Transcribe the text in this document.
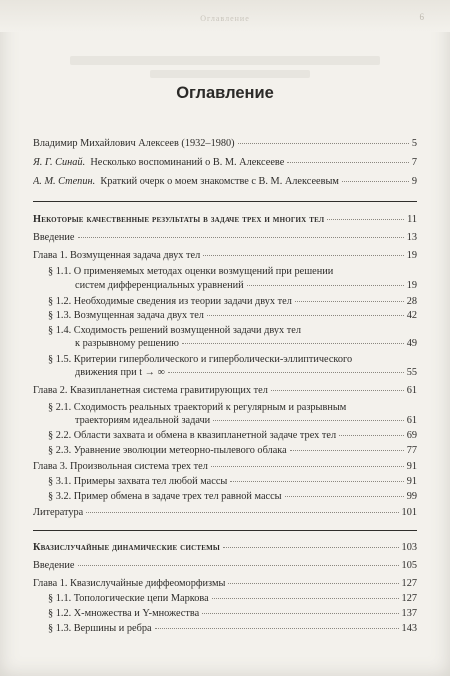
Оглавление	6
Оглавление
Владимир Михайлович Алексеев (1932–1980)	5
Я. Г. Синай. Несколько воспоминаний о В. М. Алексееве	7
А. М. Степин. Краткий очерк о моем знакомстве с В. М. Алексеевым	9
Некоторые качественные результаты в задаче трех и многих тел	11
Введение	13
Глава 1. Возмущенная задача двух тел	19
§ 1.1. О применяемых методах оценки возмущений при решении
систем дифференциальных уравнений	19
§ 1.2. Необходимые сведения из теории задачи двух тел	28
§ 1.3. Возмущенная задача двух тел	42
§ 1.4. Сходимость решений возмущенной задачи двух тел
к разрывному решению	49
§ 1.5. Критерии гиперболического и гиперболически-эллиптического
движения при t → ∞	55
Глава 2. Квазипланетная система гравитирующих тел	61
§ 2.1. Сходимость реальных траекторий к регулярным и разрывным
траекториям идеальной задачи	61
§ 2.2. Области захвата и обмена в квазипланетной задаче трех тел	69
§ 2.3. Уравнение эволюции метеорно-пылевого облака	77
Глава 3. Произвольная система трех тел	91
§ 3.1. Примеры захвата тел любой массы	91
§ 3.2. Пример обмена в задаче трех тел равной массы	99
Литература	101
Квазислучайные динамические системы	103
Введение	105
Глава 1. Квазислучайные диффеоморфизмы	127
§ 1.1. Топологические цепи Маркова	127
§ 1.2. X-множества и Y-множества	137
§ 1.3. Вершины и ребра	143
